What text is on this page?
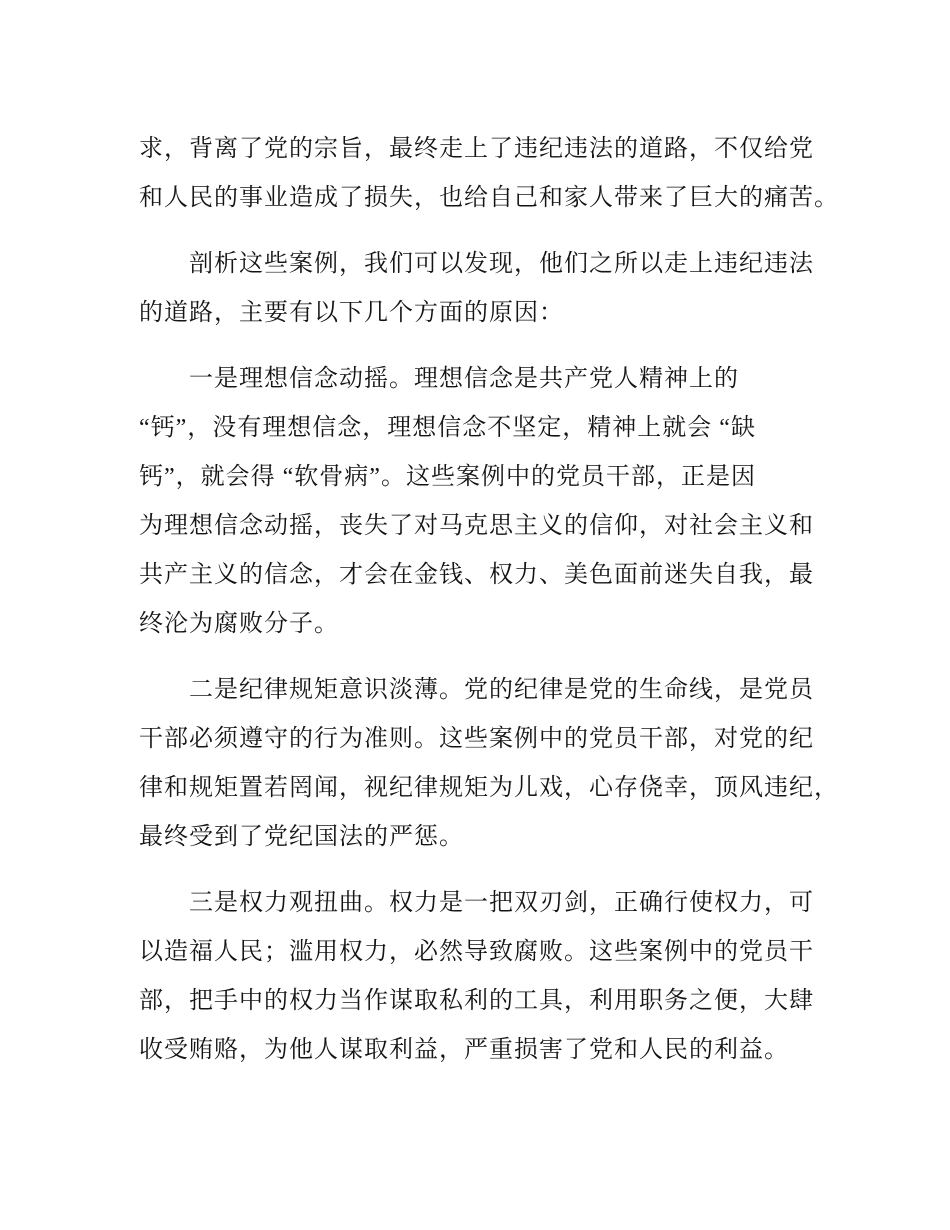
求，背离了党的宗旨，最终走上了违纪违法的道路，不仅给党
和人民的事业造成了损失，也给自己和家人带来了巨大的痛苦。
剖析这些案例，我们可以发现，他们之所以走上违纪违法
的道路，主要有以下几个方面的原因：
一是理想信念动摇。理想信念是共产党人精神上的
“钙”，没有理想信念，理想信念不坚定，精神上就会 “缺
钙”，就会得 “软骨病”。这些案例中的党员干部，正是因
为理想信念动摇，丧失了对马克思主义的信仰，对社会主义和
共产主义的信念，才会在金钱、权力、美色面前迷失自我，最
终沦为腐败分子。
二是纪律规矩意识淡薄。党的纪律是党的生命线，是党员
干部必须遵守的行为准则。这些案例中的党员干部，对党的纪
律和规矩置若罔闻，视纪律规矩为儿戏，心存侥幸，顶风违纪，
最终受到了党纪国法的严惩。
三是权力观扭曲。权力是一把双刃剑，正确行使权力，可
以造福人民；滥用权力，必然导致腐败。这些案例中的党员干
部，把手中的权力当作谋取私利的工具，利用职务之便，大肆
收受贿赂，为他人谋取利益，严重损害了党和人民的利益。
